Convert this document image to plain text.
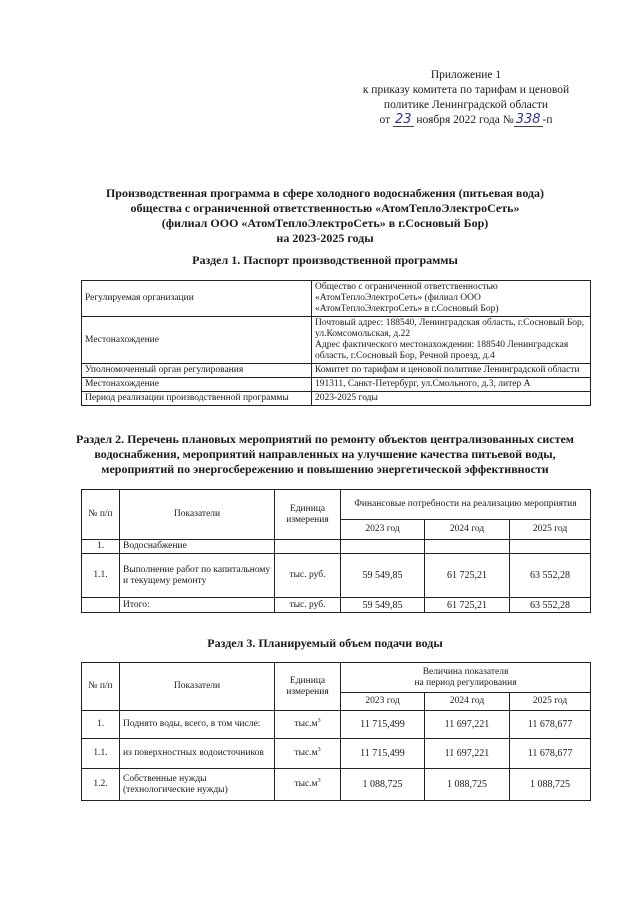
Приложение 1
к приказу комитета по тарифам и ценовой
политике Ленинградской области
от 23 ноября 2022 года № 338 -п
Производственная программа в сфере холодного водоснабжения (питьевая вода)
общества с ограниченной ответственностью «АтомТеплоЭлектроСеть»
(филиал ООО «АтомТеплоЭлектроСеть» в г.Сосновый Бор)
на 2023-2025 годы
Раздел 1. Паспорт производственной программы
Регулируемая организации	Общество с ограниченной ответственностью
«АтомТеплоЭлектроСеть» (филиал ООО
«АтомТеплоЭлектроСеть» в г.Сосновый Бор)

Местонахождение	Почтовый адрес: 188540, Ленинградская область, г.Сосновый Бор,
ул.Комсомольская, д.22
Адрес фактического местонахождения: 188540 Ленинградская
область, г.Сосновый Бор, Речной проезд, д.4

Уполномоченный орган регулирования	Комитет по тарифам и ценовой политике Ленинградской области

Местонахождение	191311, Санкт-Петербург, ул.Смольного, д.3, литер А

Период реализации производственной программы	2023-2025 годы
Раздел 2. Перечень плановых мероприятий по ремонту объектов централизованных систем
водоснабжения, мероприятий направленных на улучшение качества питьевой воды,
мероприятий по энергосбережению и повышению энергетической эффективности
№ п/п	Показатели	Единица измерения	Финансовые потребности на реализацию мероприятия		
			2023 год	2024 год	2025 год
1.	Водоснабжение				
1.1.	Выполнение работ по капитальному и текущему ремонту	тыс. руб.	59 549,85	61 725,21	63 552,28
	Итого:	тыс. руб.	59 549,85	61 725,21	63 552,28
Раздел 3. Планируемый объем подачи воды
№ п/п	Показатели	Единица измерения	Величина показателя
на период регулирования		

			2023 год	2024 год	2025 год
1.	Поднято воды, всего, в том числе:	$тыс.м^3$	11 715,499	11 697,221	11 678,677
1.1.	из поверхностных водоисточников	$тыс.м^3$	11 715,499	11 697,221	11 678,677
1.2.	Собственные нужды (технологические нужды)	$тыс.м^3$	1 088,725	1 088,725	1 088,725
